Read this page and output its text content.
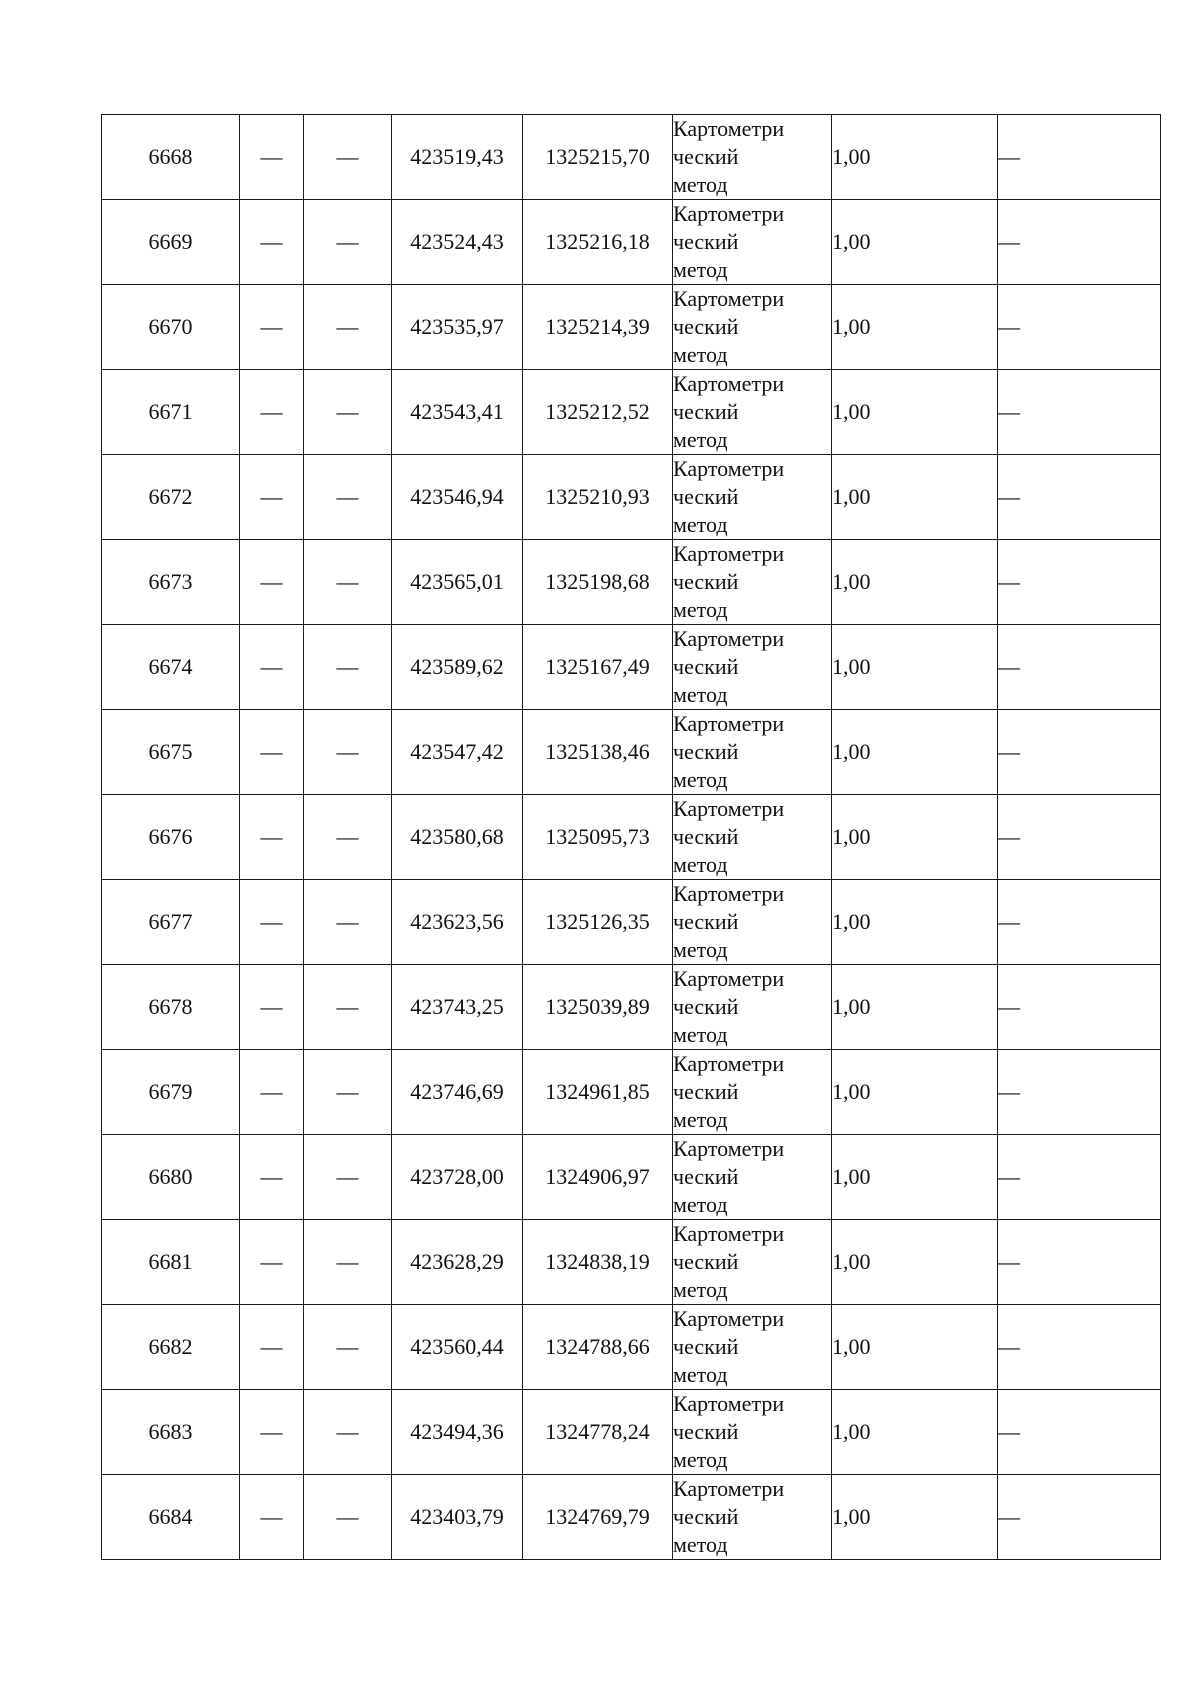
6668	—	—	423519,43	1325215,70	Картометри
ческий
метод	1,00	—
6669	—	—	423524,43	1325216,18	Картометри
ческий
метод	1,00	—
6670	—	—	423535,97	1325214,39	Картометри
ческий
метод	1,00	—
6671	—	—	423543,41	1325212,52	Картометри
ческий
метод	1,00	—
6672	—	—	423546,94	1325210,93	Картометри
ческий
метод	1,00	—
6673	—	—	423565,01	1325198,68	Картометри
ческий
метод	1,00	—
6674	—	—	423589,62	1325167,49	Картометри
ческий
метод	1,00	—
6675	—	—	423547,42	1325138,46	Картометри
ческий
метод	1,00	—
6676	—	—	423580,68	1325095,73	Картометри
ческий
метод	1,00	—
6677	—	—	423623,56	1325126,35	Картометри
ческий
метод	1,00	—
6678	—	—	423743,25	1325039,89	Картометри
ческий
метод	1,00	—
6679	—	—	423746,69	1324961,85	Картометри
ческий
метод	1,00	—
6680	—	—	423728,00	1324906,97	Картометри
ческий
метод	1,00	—
6681	—	—	423628,29	1324838,19	Картометри
ческий
метод	1,00	—
6682	—	—	423560,44	1324788,66	Картометри
ческий
метод	1,00	—
6683	—	—	423494,36	1324778,24	Картометри
ческий
метод	1,00	—
6684	—	—	423403,79	1324769,79	Картометри
ческий
метод	1,00	—
